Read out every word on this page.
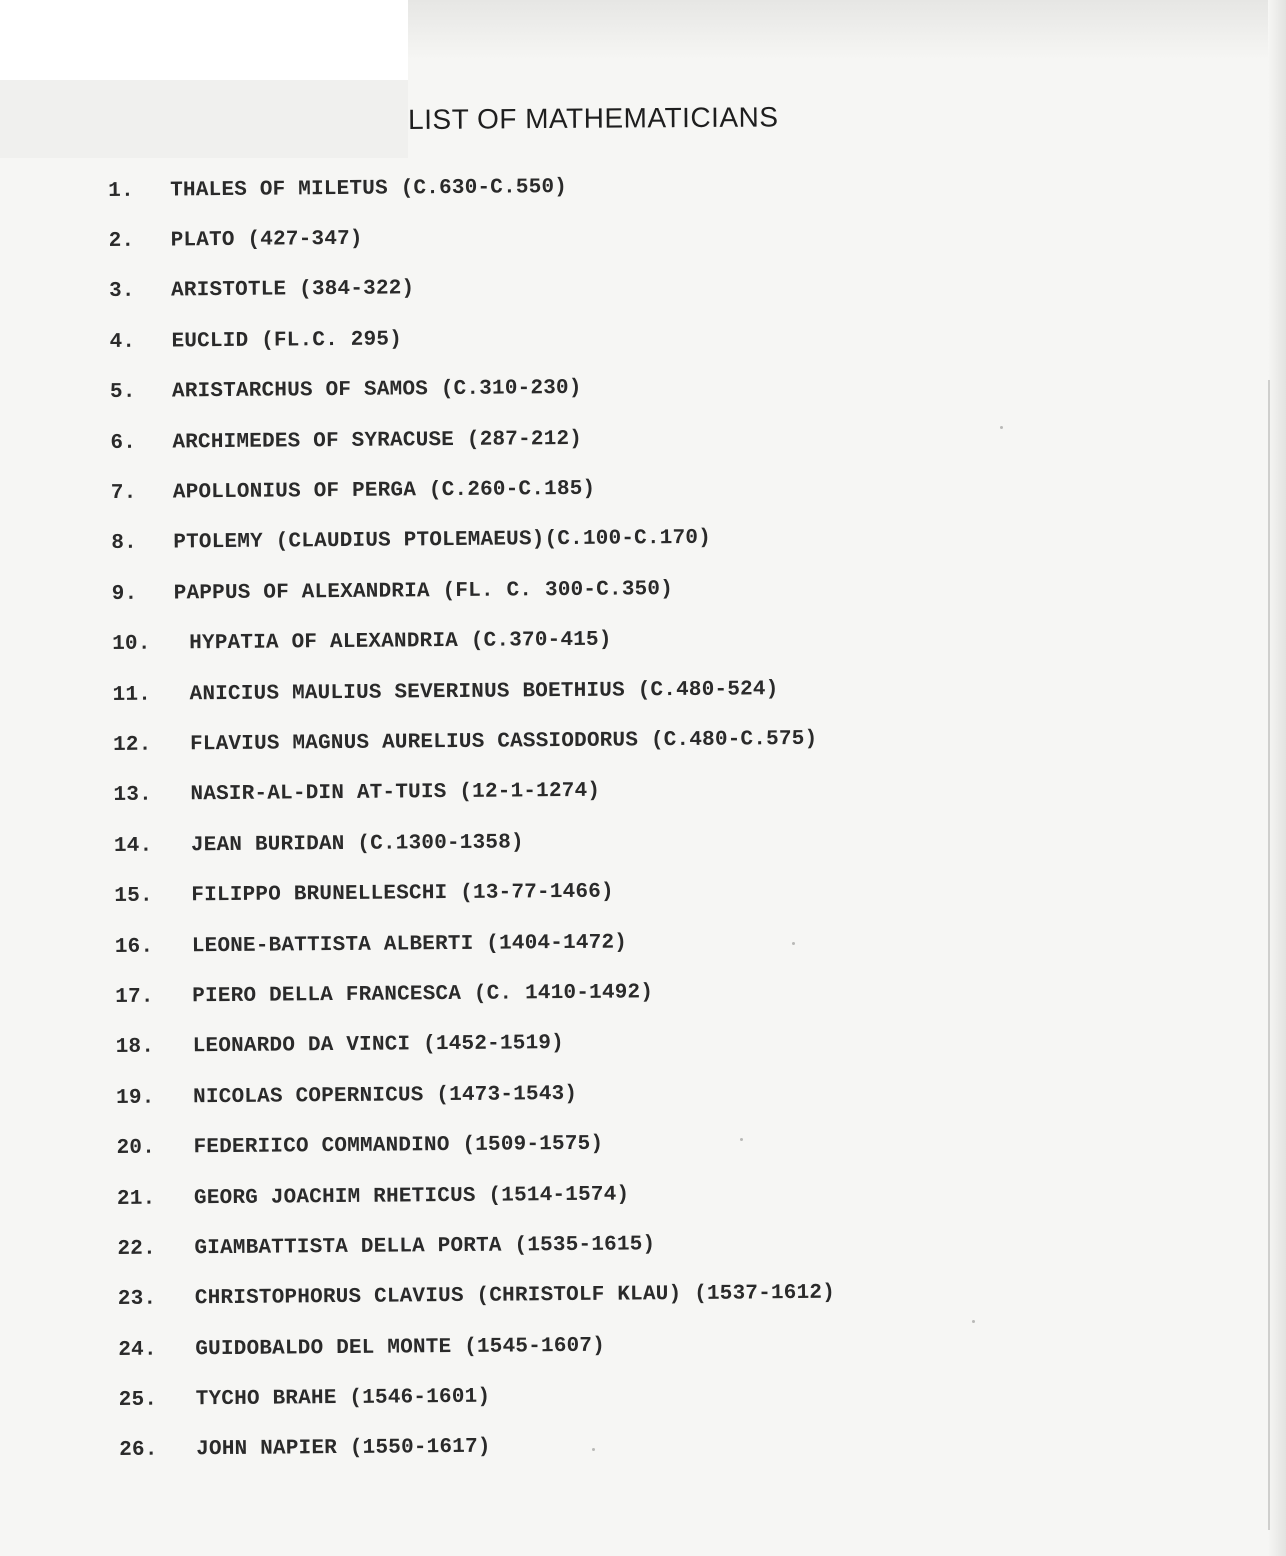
LIST OF MATHEMATICIANS
1.	THALES OF MILETUS (C.630-C.550)
2.	PLATO (427-347)
3.	ARISTOTLE (384-322)
4.	EUCLID (FL.C. 295)
5.	ARISTARCHUS OF SAMOS (C.310-230)
6.	ARCHIMEDES OF SYRACUSE (287-212)
7.	APOLLONIUS OF PERGA (C.260-C.185)
8.	PTOLEMY (CLAUDIUS PTOLEMAEUS)(C.100-C.170)
9.	PAPPUS OF ALEXANDRIA (FL. C. 300-C.350)
10.	HYPATIA OF ALEXANDRIA (C.370-415)
11.	ANICIUS MAULIUS SEVERINUS BOETHIUS (C.480-524)
12.	FLAVIUS MAGNUS AURELIUS CASSIODORUS (C.480-C.575)
13.	NASIR-AL-DIN AT-TUIS (12-1-1274)
14.	JEAN BURIDAN (C.1300-1358)
15.	FILIPPO BRUNELLESCHI (13-77-1466)
16.	LEONE-BATTISTA ALBERTI (1404-1472)
17.	PIERO DELLA FRANCESCA (C. 1410-1492)
18.	LEONARDO DA VINCI (1452-1519)
19.	NICOLAS COPERNICUS (1473-1543)
20.	FEDERIICO COMMANDINO (1509-1575)
21.	GEORG JOACHIM RHETICUS (1514-1574)
22.	GIAMBATTISTA DELLA PORTA (1535-1615)
23.	CHRISTOPHORUS CLAVIUS (CHRISTOLF KLAU) (1537-1612)
24.	GUIDOBALDO DEL MONTE (1545-1607)
25.	TYCHO BRAHE (1546-1601)
26.	JOHN NAPIER (1550-1617)
